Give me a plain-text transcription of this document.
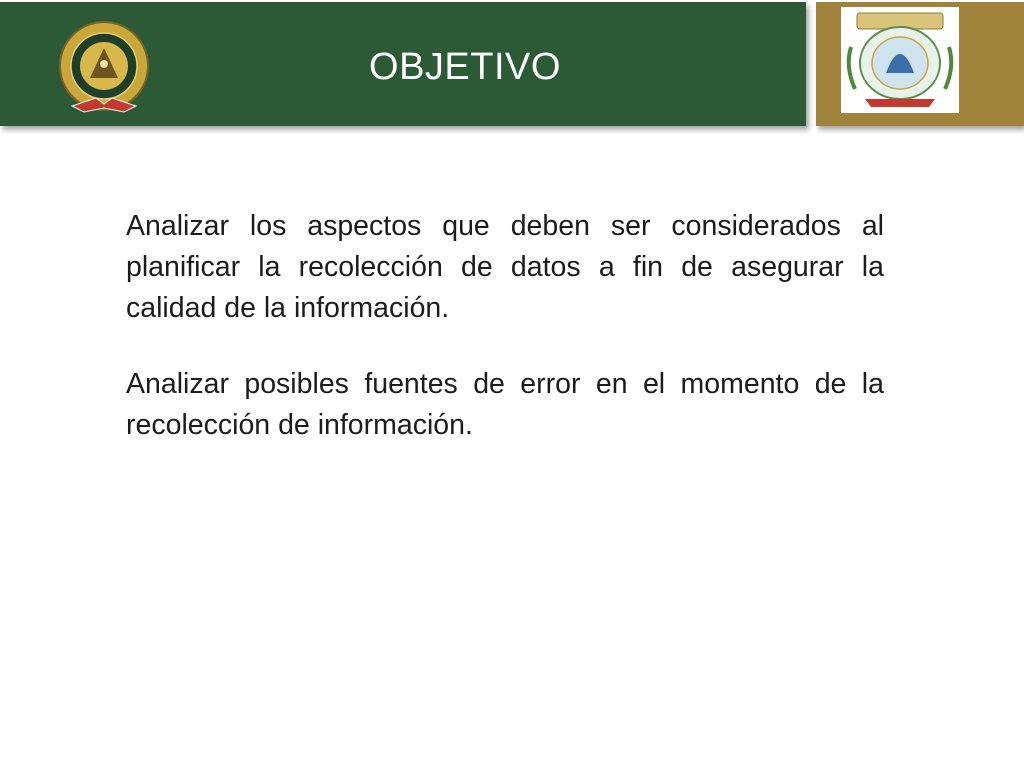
OBJETIVO

Analizar los aspectos que deben ser considerados al planificar la recolección de datos a fin de asegurar la calidad de la información.

Analizar posibles fuentes de error en el momento de la recolección de información.
